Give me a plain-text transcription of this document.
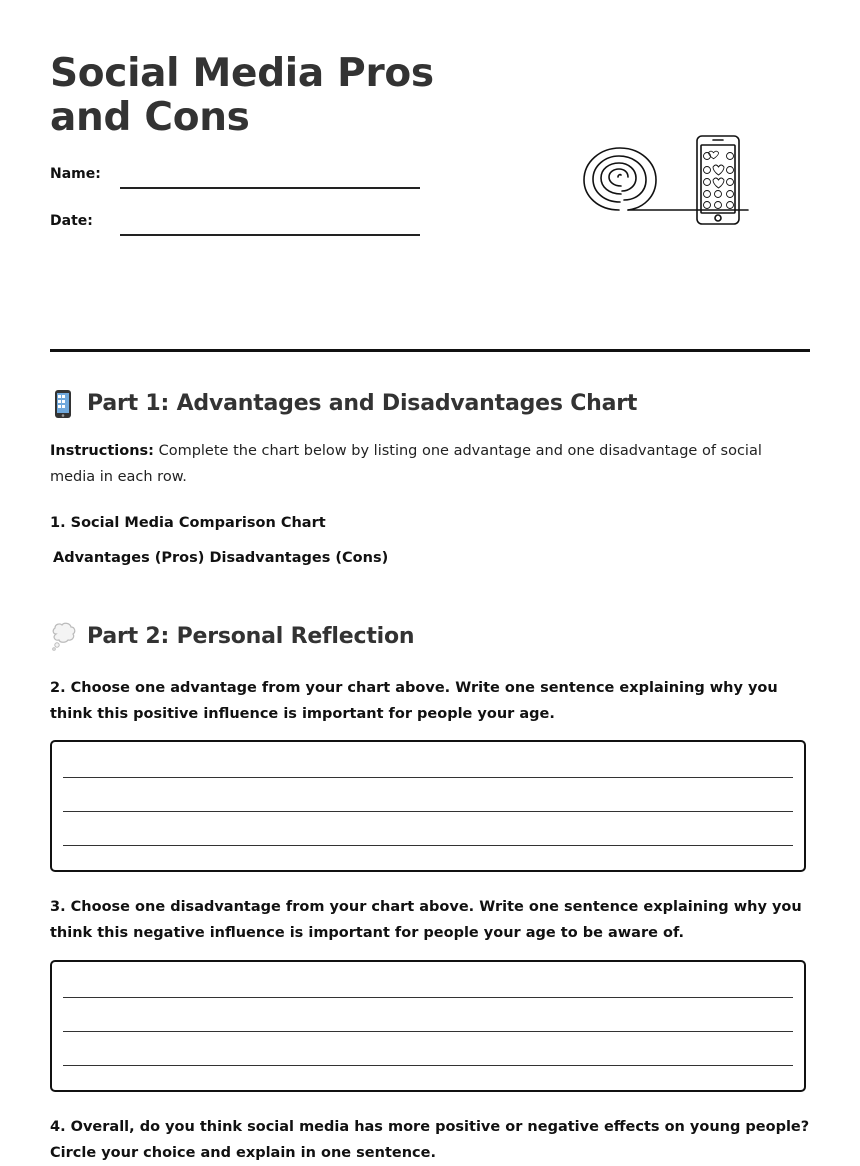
Social Media Pros and Cons
Name:
Date:
Part 1: Advantages and Disadvantages Chart

Instructions: Complete the chart below by listing one advantage and one disadvantage of social media in each row.

1. Social Media Comparison Chart

Advantages (Pros) Disadvantages (Cons)
Part 2: Personal Reflection

2. Choose one advantage from your chart above. Write one sentence explaining why you think this positive influence is important for people your age.

3. Choose one disadvantage from your chart above. Write one sentence explaining why you think this negative influence is important for people your age to be aware of.

4. Overall, do you think social media has more positive or negative effects on young people? Circle your choice and explain in one sentence.
